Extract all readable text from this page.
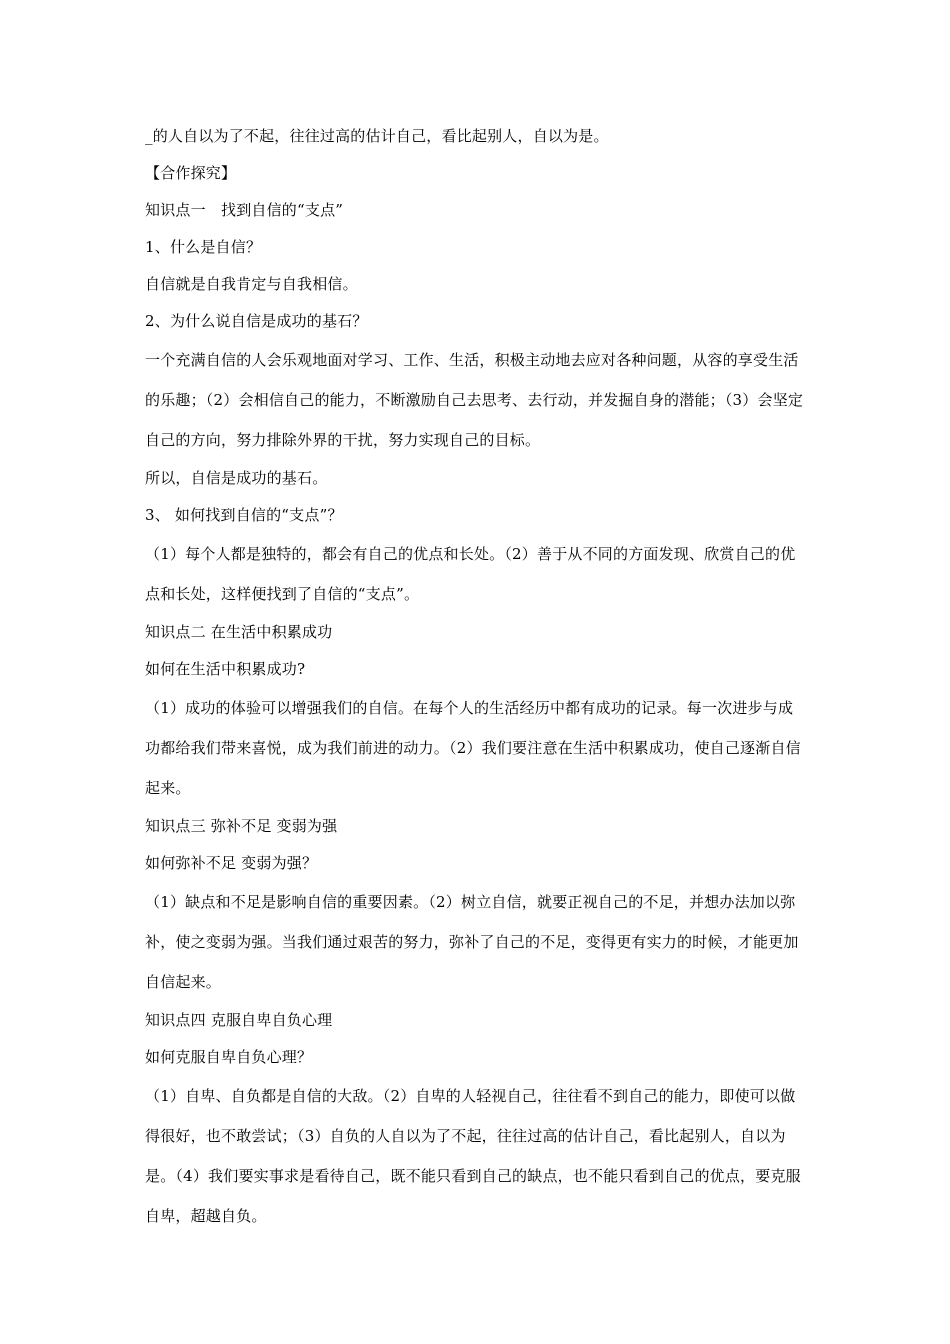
_的人自以为了不起，往往过高的估计自己，看比起别人，自以为是。
【合作探究】
知识点一　找到自信的“支点”
1、什么是自信？
自信就是自我肯定与自我相信。
2、为什么说自信是成功的基石？
一个充满自信的人会乐观地面对学习、工作、生活，积极主动地去应对各种问题，从容的享受生活的乐趣；（2）会相信自己的能力，不断激励自己去思考、去行动，并发掘自身的潜能；（3）会坚定自己的方向，努力排除外界的干扰，努力实现自己的目标。
所以，自信是成功的基石。
3、 如何找到自信的“支点”？
（1）每个人都是独特的，都会有自己的优点和长处。（2）善于从不同的方面发现、欣赏自己的优点和长处，这样便找到了自信的“支点”。
知识点二 在生活中积累成功
如何在生活中积累成功?
（1）成功的体验可以增强我们的自信。在每个人的生活经历中都有成功的记录。每一次进步与成功都给我们带来喜悦，成为我们前进的动力。（2）我们要注意在生活中积累成功，使自己逐渐自信起来。
知识点三 弥补不足 变弱为强
如何弥补不足 变弱为强？
（1）缺点和不足是影响自信的重要因素。（2）树立自信，就要正视自己的不足，并想办法加以弥补，使之变弱为强。当我们通过艰苦的努力，弥补了自己的不足，变得更有实力的时候，才能更加自信起来。
知识点四 克服自卑自负心理
如何克服自卑自负心理？
（1）自卑、自负都是自信的大敌。（2）自卑的人轻视自己，往往看不到自己的能力，即使可以做得很好，也不敢尝试；（3）自负的人自以为了不起，往往过高的估计自己，看比起别人，自以为是。（4）我们要实事求是看待自己，既不能只看到自己的缺点，也不能只看到自己的优点，要克服自卑，超越自负。
